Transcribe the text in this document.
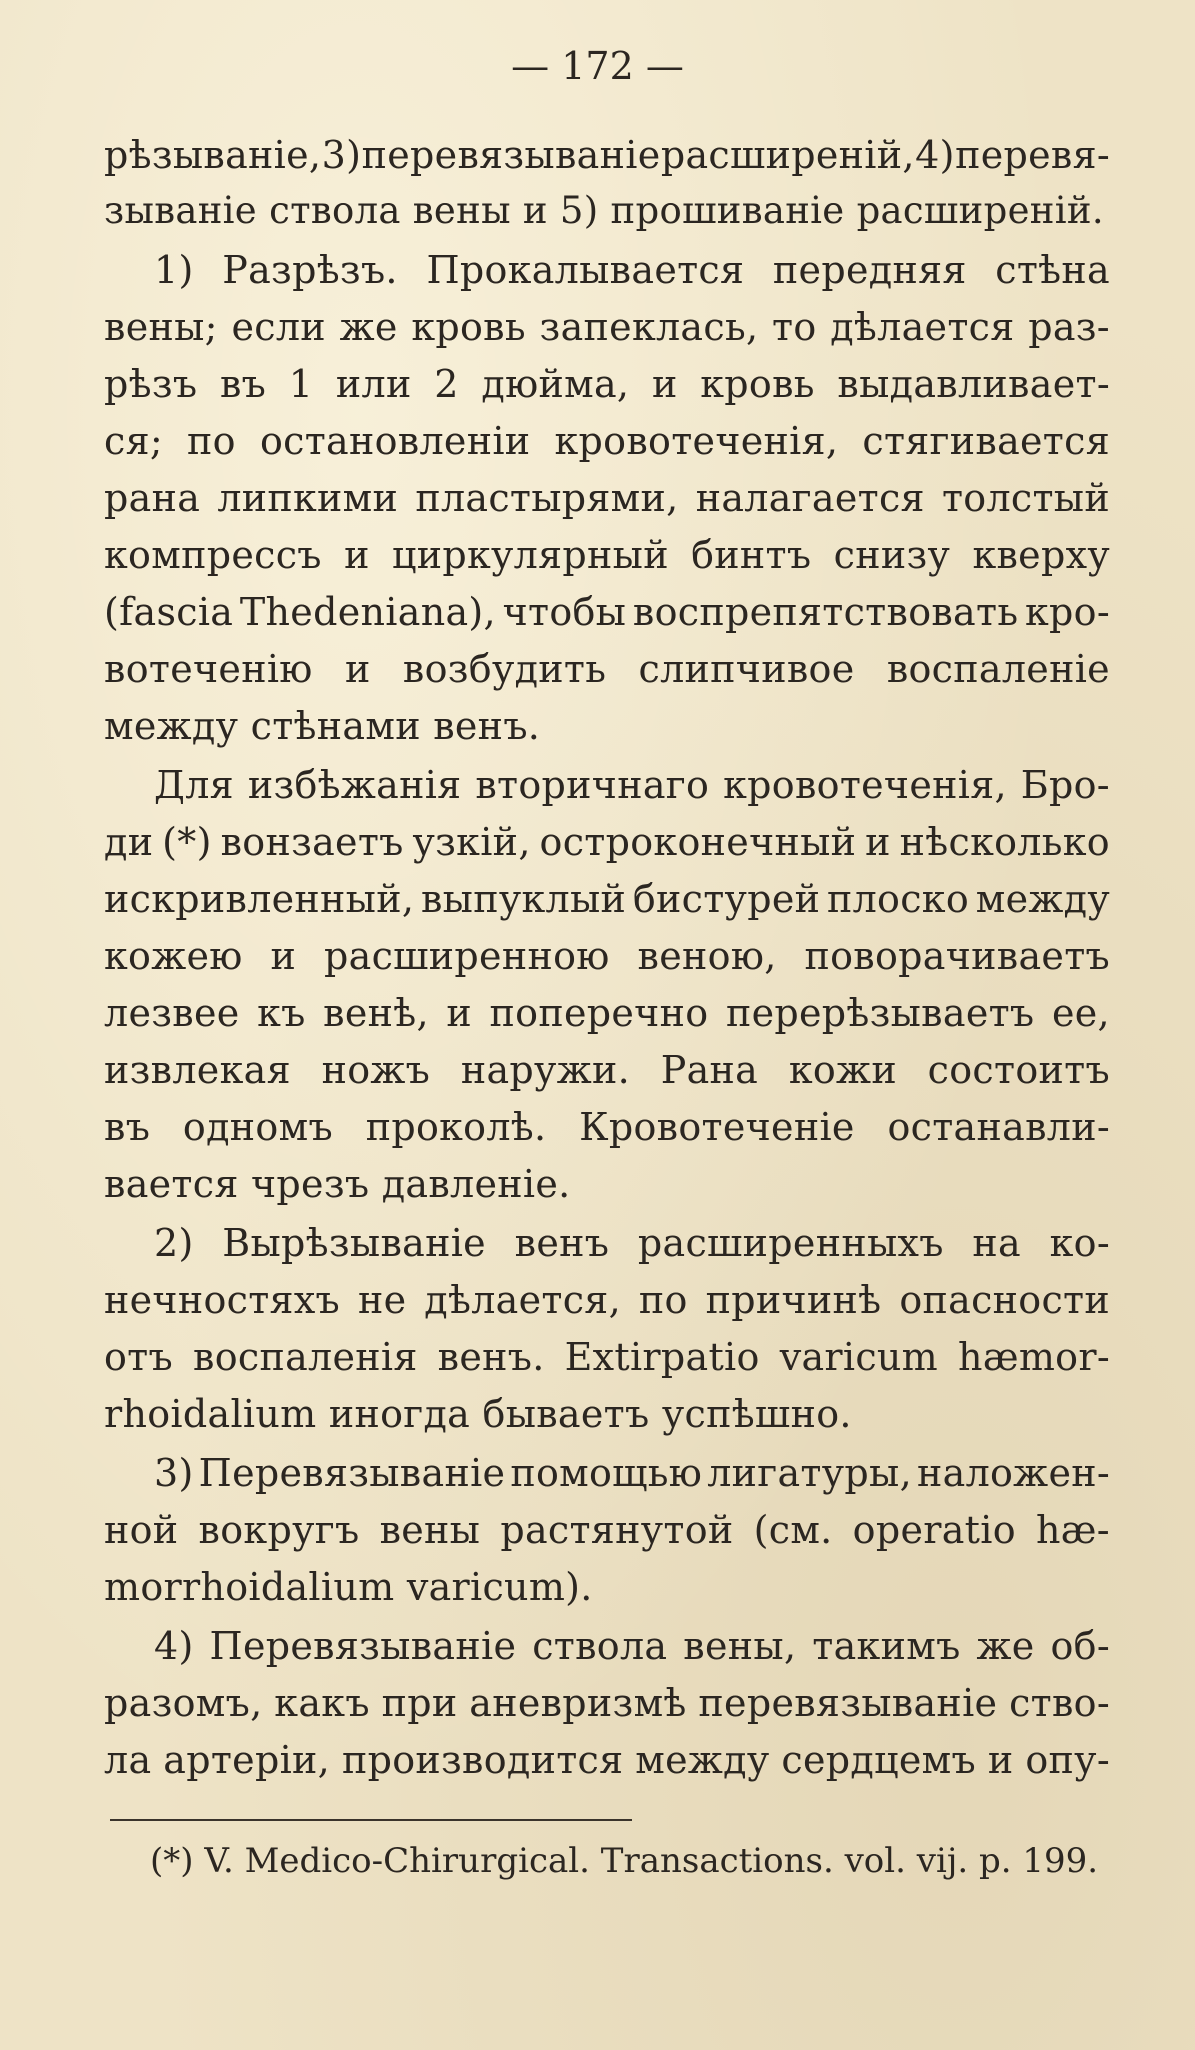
— 172 —
рѣзываніе, 3) перевязываніе расширеній, 4) перевя-
зываніе ствола вены и 5) прошиваніе расширеній.
1) Разрѣзъ. Прокалывается передняя стѣна
вены; если же кровь запеклась, то дѣлается раз-
рѣзъ въ 1 или 2 дюйма, и кровь выдавливает-
ся; по остановленіи кровотеченія, стягивается
рана липкими пластырями, налагается толстый
компрессъ и циркулярный бинтъ снизу кверху
(fascia Thedeniana), чтобы воспрепятствовать кро-
вотеченію и возбудить слипчивое воспаленіе
между стѣнами венъ.
Для избѣжанія вторичнаго кровотеченія, Бро-
ди (*) вонзаетъ узкій, остроконечный и нѣсколько
искривленный, выпуклый бистурей плоско между
кожею и расширенною веною, поворачиваетъ
лезвее къ венѣ, и поперечно перерѣзываетъ ее,
извлекая ножъ наружи. Рана кожи состоитъ
въ одномъ проколѣ. Кровотеченіе останавли-
вается чрезъ давленіе.
2) Вырѣзываніе венъ расширенныхъ на ко-
нечностяхъ не дѣлается, по причинѣ опасности
отъ воспаленія венъ. Extirpatio varicum hæmor-
rhoidalium иногда бываетъ успѣшно.
3) Перевязываніе помощью лигатуры, наложен-
ной вокругъ вены растянутой (см. operatio hæ-
morrhoidalium varicum).
4) Перевязываніе ствола вены, такимъ же об-
разомъ, какъ при аневризмѣ перевязываніе ство-
ла артеріи, производится между сердцемъ и опу-
(*) V. Medico-Chirurgical. Transactions. vol. vij. p. 199.
